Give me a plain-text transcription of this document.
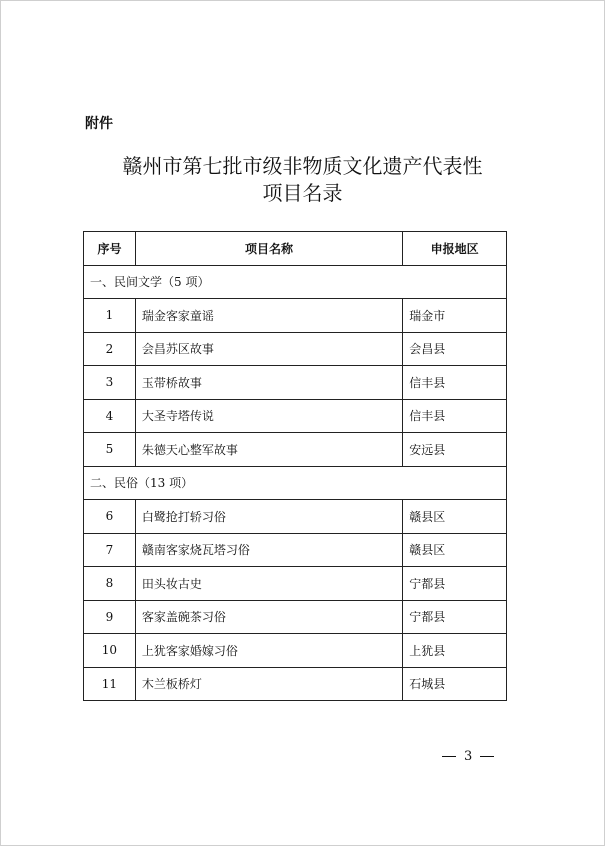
附件
赣州市第七批市级非物质文化遗产代表性
项目名录
序号	项目名称	申报地区
一、民间文学（5 项）		
1	瑞金客家童谣	瑞金市
2	会昌苏区故事	会昌县
3	玉带桥故事	信丰县
4	大圣寺塔传说	信丰县
5	朱德天心整军故事	安远县
二、民俗（13 项）		
6	白鹭抢打轿习俗	赣县区
7	赣南客家烧瓦塔习俗	赣县区
8	田头妆古史	宁都县
9	客家盖碗茶习俗	宁都县
10	上犹客家婚嫁习俗	上犹县
11	木兰板桥灯	石城县
3
